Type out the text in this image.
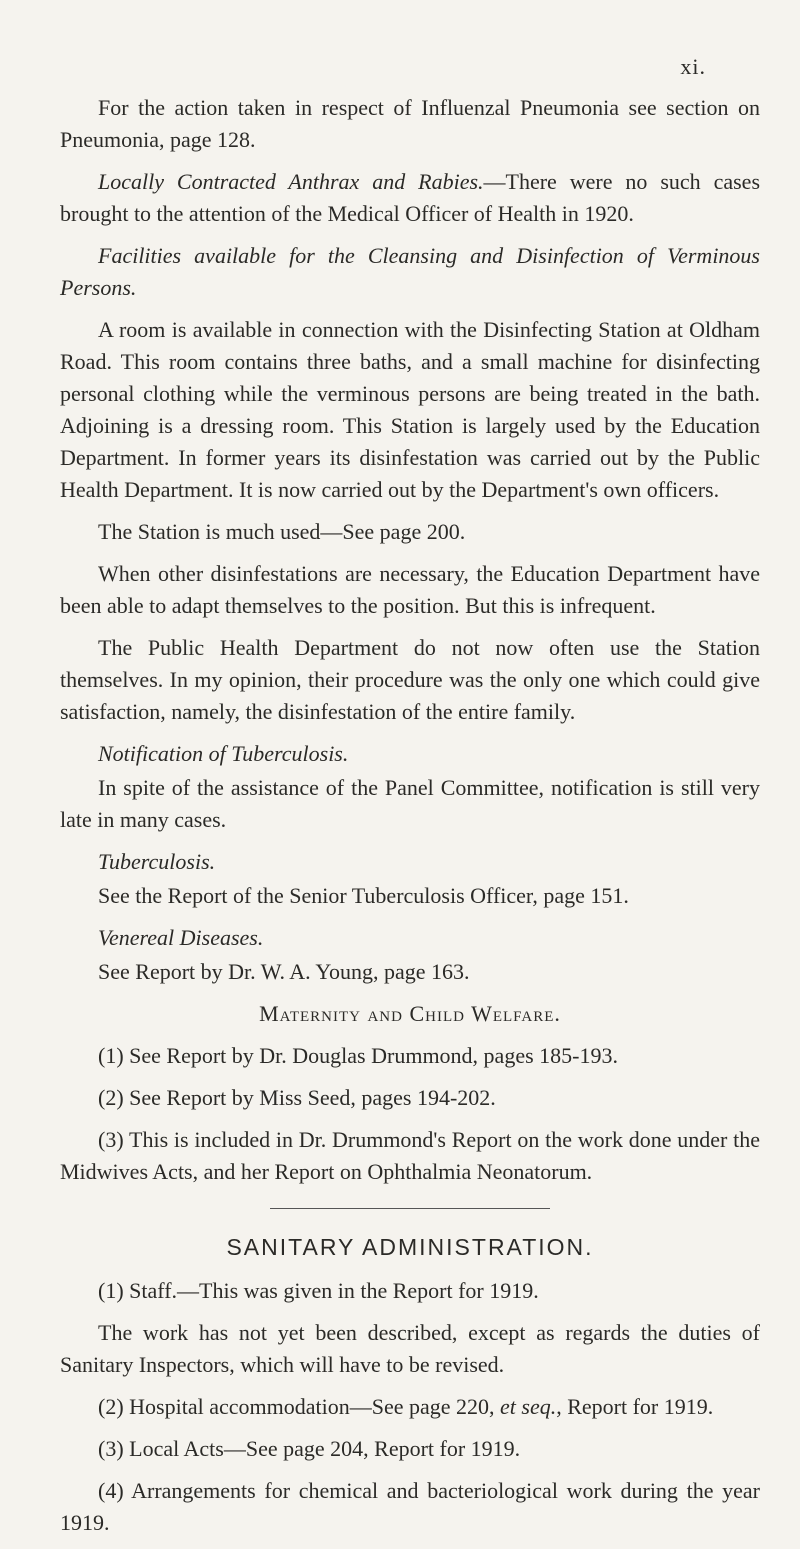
xi.

For the action taken in respect of Influenzal Pneumonia see section on Pneumonia, page 128.

Locally Contracted Anthrax and Rabies.—There were no such cases brought to the attention of the Medical Officer of Health in 1920.

Facilities available for the Cleansing and Disinfection of Verminous Persons.

A room is available in connection with the Disinfecting Station at Oldham Road. This room contains three baths, and a small machine for disinfecting personal clothing while the verminous persons are being treated in the bath. Adjoining is a dressing room. This Station is largely used by the Education Department. In former years its disinfestation was carried out by the Public Health Department. It is now carried out by the Department's own officers.

The Station is much used—See page 200.

When other disinfestations are necessary, the Education Department have been able to adapt themselves to the position. But this is infrequent.

The Public Health Department do not now often use the Station themselves. In my opinion, their procedure was the only one which could give satisfaction, namely, the disinfestation of the entire family.

Notification of Tuberculosis.

In spite of the assistance of the Panel Committee, notification is still very late in many cases.

Tuberculosis.

See the Report of the Senior Tuberculosis Officer, page 151.

Venereal Diseases.

See Report by Dr. W. A. Young, page 163.

Maternity and Child Welfare.

(1) See Report by Dr. Douglas Drummond, pages 185-193.

(2) See Report by Miss Seed, pages 194-202.

(3) This is included in Dr. Drummond's Report on the work done under the Midwives Acts, and her Report on Ophthalmia Neonatorum.

SANITARY ADMINISTRATION.

(1) Staff.—This was given in the Report for 1919.

The work has not yet been described, except as regards the duties of Sanitary Inspectors, which will have to be revised.

(2) Hospital accommodation—See page 220, et seq., Report for 1919.

(3) Local Acts—See page 204, Report for 1919.

(4) Arrangements for chemical and bacteriological work during the year 1919.
